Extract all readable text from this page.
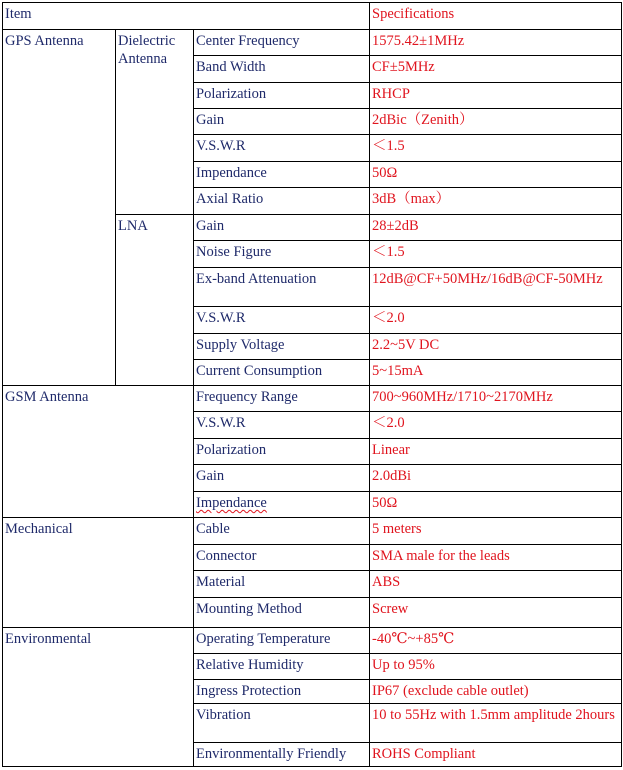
Item			Specifications
GPS Antenna	Dielectric Antenna	Center Frequency	1575.42±1MHz
		Band Width	CF±5MHz
		Polarization	RHCP
		Gain	2dBic（Zenith）
		V.S.W.R	＜1.5
		Impendance	50Ω
		Axial Ratio	3dB（max）
	LNA	Gain	28±2dB
		Noise Figure	＜1.5
		Ex-band Attenuation	12dB@CF+50MHz/16dB@CF-50MHz
		V.S.W.R	＜2.0
		Supply Voltage	2.2~5V DC
		Current Consumption	5~15mA
GSM Antenna		Frequency Range	700~960MHz/1710~2170MHz
		V.S.W.R	＜2.0
		Polarization	Linear
		Gain	2.0dBi
		Impendance	50Ω
Mechanical		Cable	5 meters
		Connector	SMA male for the leads
		Material	ABS
		Mounting Method	Screw
Environmental		Operating Temperature	-40℃~+85℃
		Relative Humidity	Up to 95%
		Ingress Protection	IP67 (exclude cable outlet)
		Vibration	10 to 55Hz with 1.5mm amplitude 2hours
		Environmentally Friendly	ROHS Compliant
